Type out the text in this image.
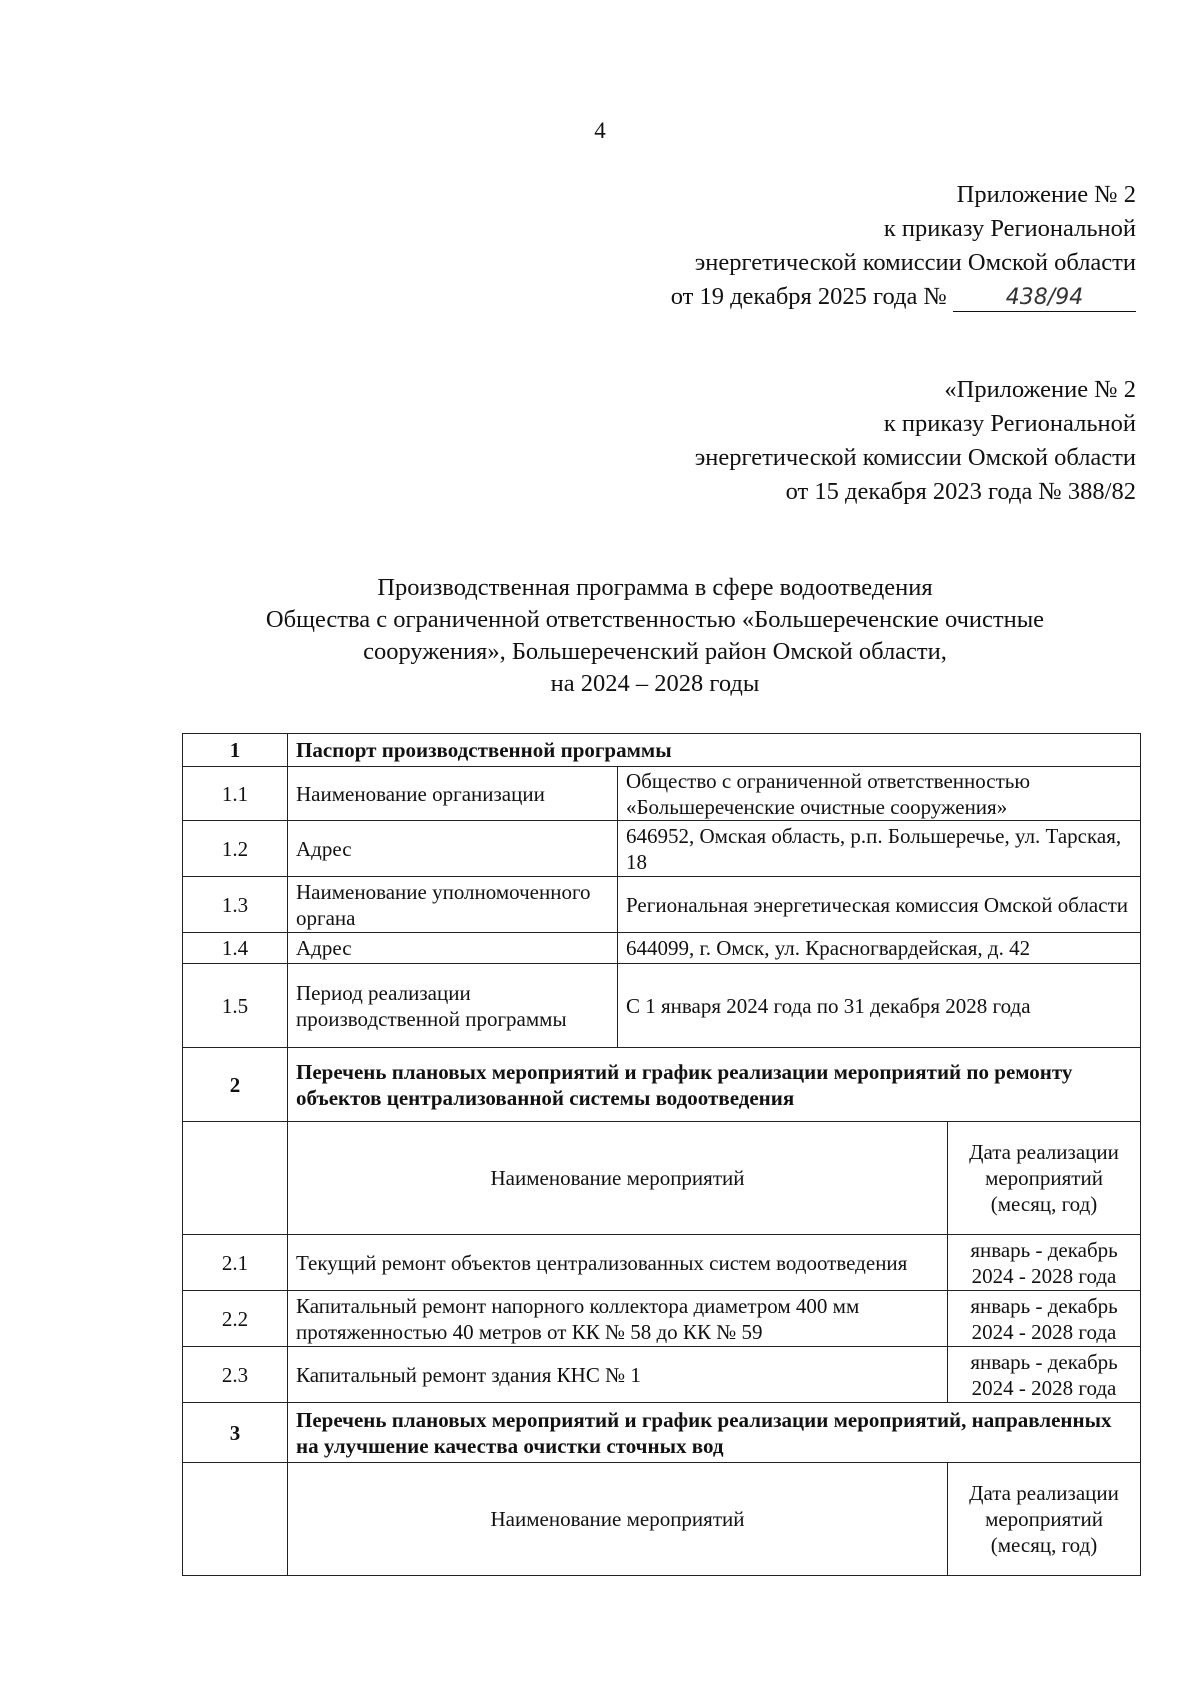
4
Приложение № 2
к приказу Региональной
энергетической комиссии Омской области
от 19 декабря 2025 года №	438/94
«Приложение № 2
к приказу Региональной
энергетической комиссии Омской области
от 15 декабря 2023 года № 388/82
Производственная программа в сфере водоотведения
Общества с ограниченной ответственностью «Большереченские очистные
сооружения», Большереченский район Омской области,
на 2024 – 2028 годы
1	Паспорт производственной программы		
1.1	Наименование организации	Общество с ограниченной ответственностью «Большереченские очистные сооружения»	
1.2	Адрес	646952, Омская область, р.п. Большеречье, ул. Тарская, 18	
1.3	Наименование уполномоченного органа	Региональная энергетическая комиссия Омской области	
1.4	Адрес	644099, г. Омск, ул. Красногвардейская, д. 42	
1.5	Период реализации производственной программы	С 1 января 2024 года по 31 декабря 2028 года	
2	Перечень плановых мероприятий и график реализации мероприятий по ремонту объектов централизованной системы водоотведения		
	Наименование мероприятий		Дата реализации мероприятий (месяц, год)
2.1	Текущий ремонт объектов централизованных систем водоотведения		январь - декабрь 2024 - 2028 года
2.2	Капитальный ремонт напорного коллектора диаметром 400 мм протяженностью 40 метров от КК № 58 до КК № 59		январь - декабрь 2024 - 2028 года
2.3	Капитальный ремонт здания КНС № 1		январь - декабрь 2024 - 2028 года
3	Перечень плановых мероприятий и график реализации мероприятий, направленных на улучшение качества очистки сточных вод		
	Наименование мероприятий		Дата реализации мероприятий (месяц, год)
